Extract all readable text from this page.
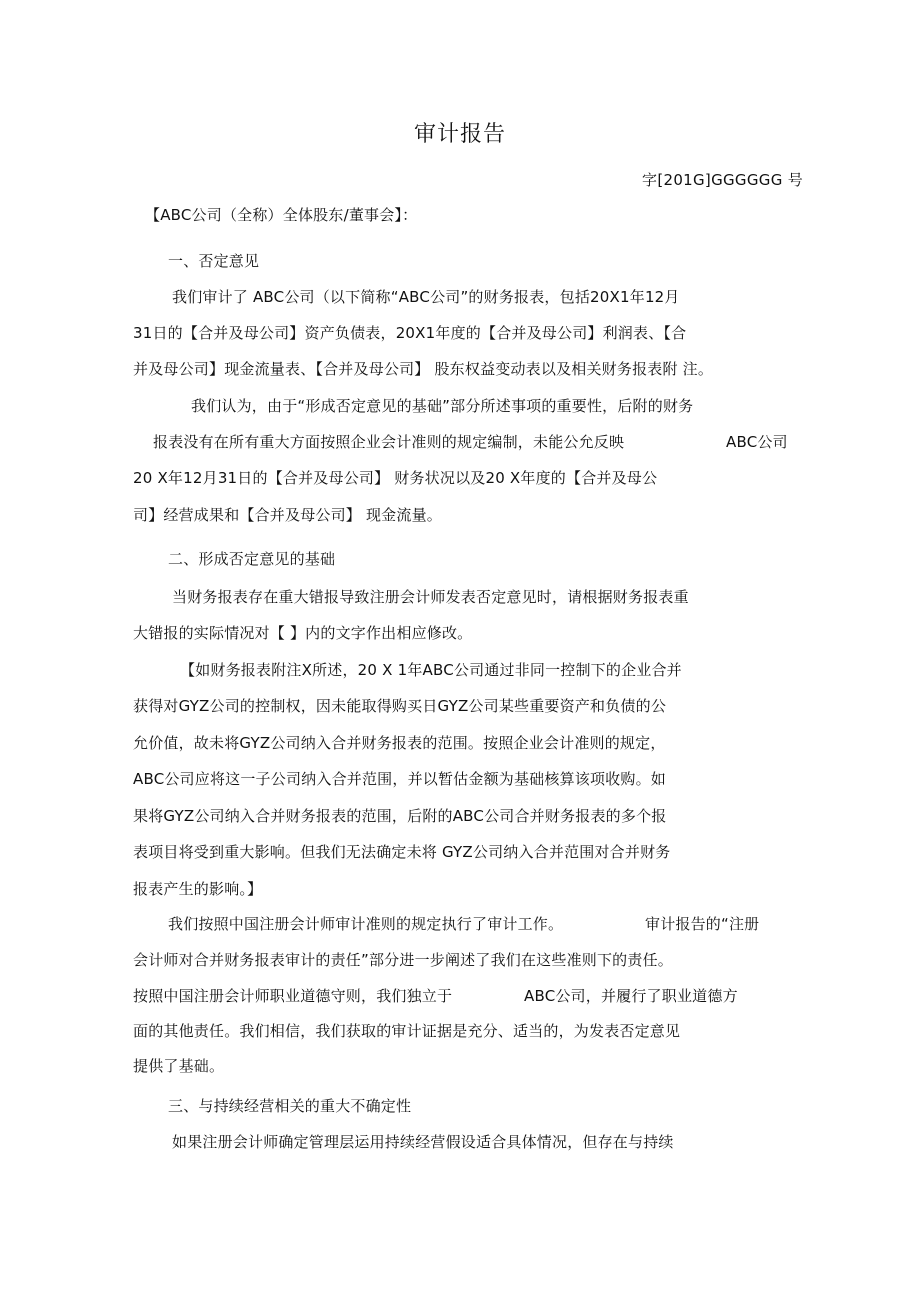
审计报告
字[201G]GGGGGG 号
【ABC公司（全称）全体股东/董事会】：
一、否定意见
我们审计了 ABC公司（以下简称“ABC公司”的财务报表，包括20X1年12月
31日的【合并及母公司】资产负债表，20X1年度的【合并及母公司】利润表、【合
并及母公司】现金流量表、【合并及母公司】 股东权益变动表以及相关财务报表附 注。
我们认为，由于“形成否定意见的基础”部分所述事项的重要性，后附的财务
报表没有在所有重大方面按照企业会计准则的规定编制，未能公允反映	ABC公司
20 X年12月31日的【合并及母公司】 财务状况以及20 X年度的【合并及母公
司】经营成果和【合并及母公司】 现金流量。
二、形成否定意见的基础
当财务报表存在重大错报导致注册会计师发表否定意见时，请根据财务报表重
大错报的实际情况对【 】内的文字作出相应修改。
【如财务报表附注X所述，20 X 1年ABC公司通过非同一控制下的企业合并
获得对GYZ公司的控制权，因未能取得购买日GYZ公司某些重要资产和负债的公
允价值，故未将GYZ公司纳入合并财务报表的范围。按照企业会计准则的规定，
ABC公司应将这一子公司纳入合并范围，并以暂估金额为基础核算该项收购。如
果将GYZ公司纳入合并财务报表的范围，后附的ABC公司合并财务报表的多个报
表项目将受到重大影响。但我们无法确定未将 GYZ公司纳入合并范围对合并财务
报表产生的影响。】
我们按照中国注册会计师审计准则的规定执行了审计工作。	审计报告的“注册
会计师对合并财务报表审计的责任”部分进一步阐述了我们在这些准则下的责任。
按照中国注册会计师职业道德守则，我们独立于	ABC公司，并履行了职业道德方
面的其他责任。我们相信，我们获取的审计证据是充分、适当的，为发表否定意见
提供了基础。
三、与持续经营相关的重大不确定性
如果注册会计师确定管理层运用持续经营假设适合具体情况，但存在与持续
